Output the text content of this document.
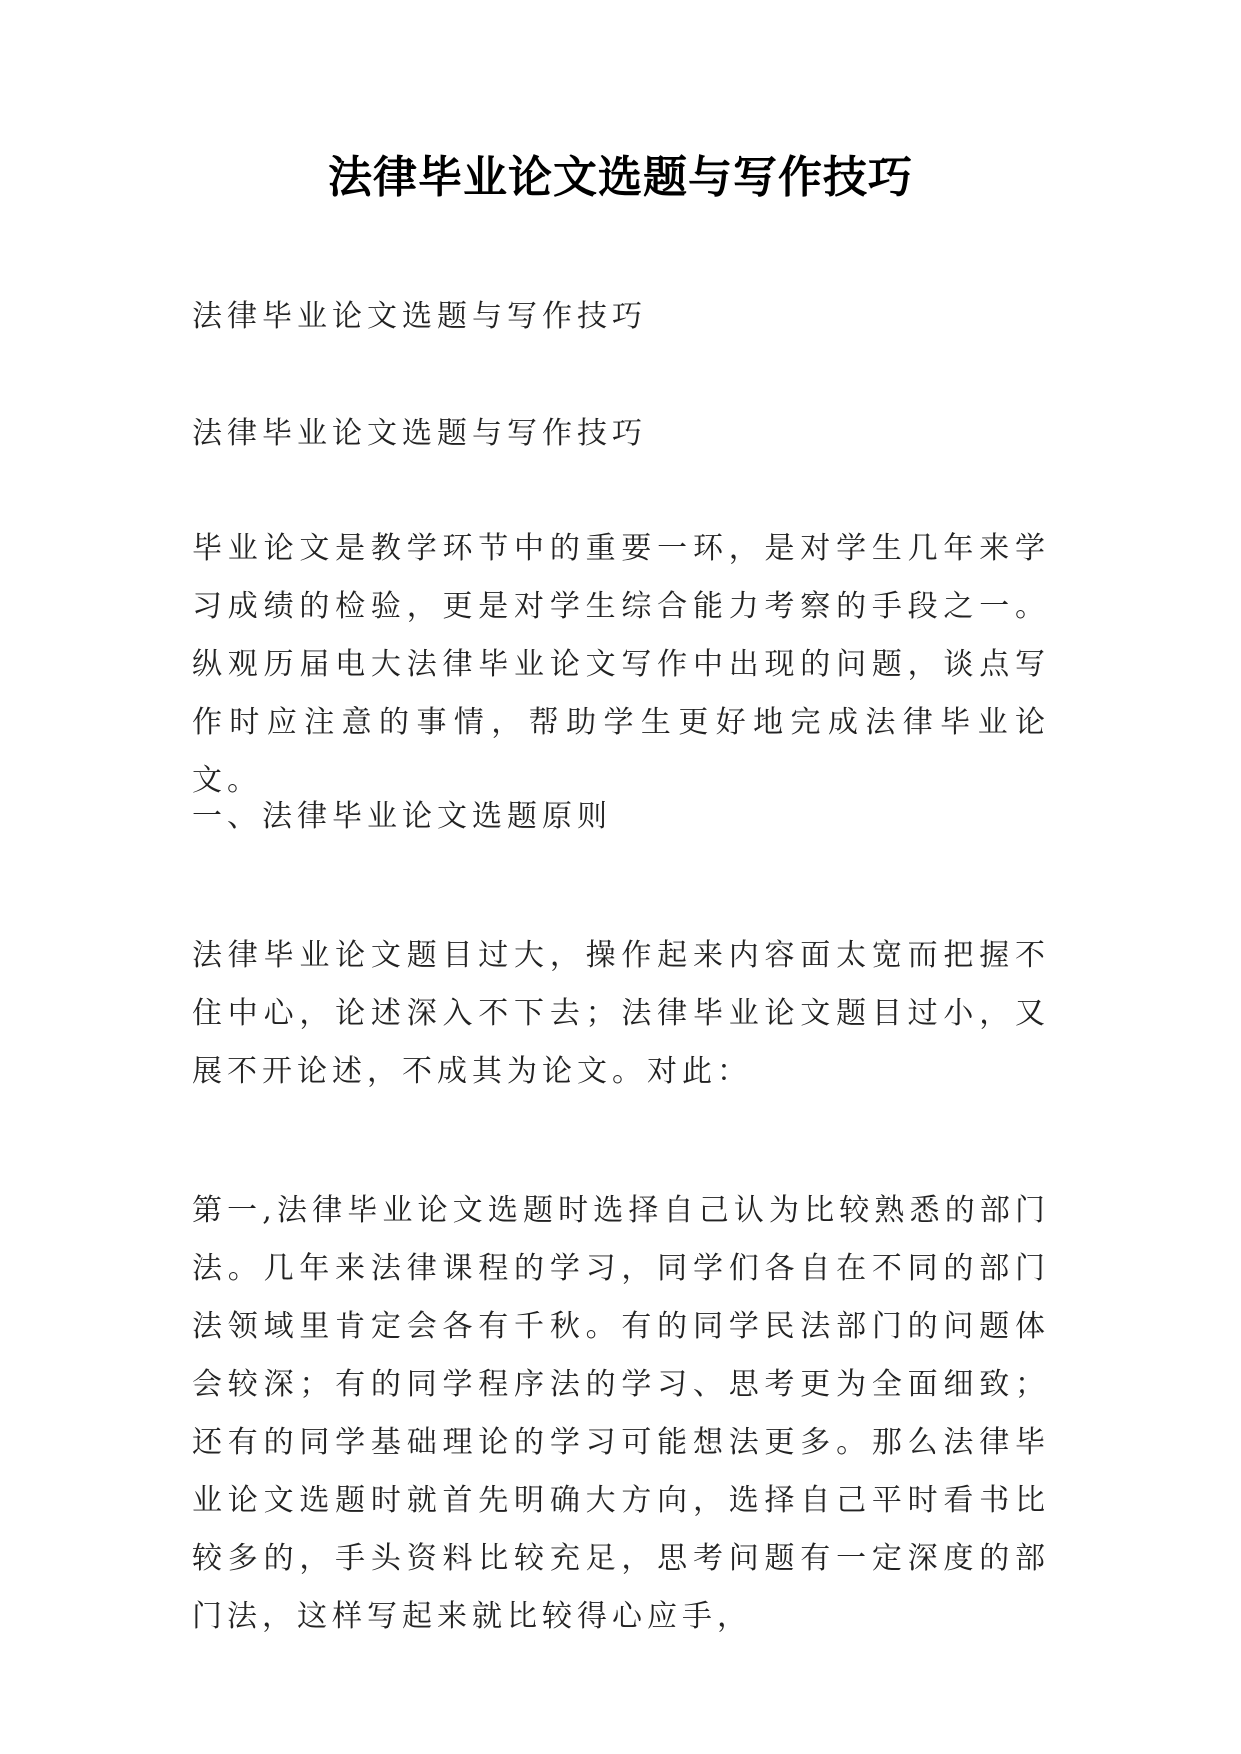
法律毕业论文选题与写作技巧
法律毕业论文选题与写作技巧
法律毕业论文选题与写作技巧
毕业论文是教学环节中的重要一环，是对学生几年来学习成绩的检验，更是对学生综合能力考察的手段之一。纵观历届电大法律毕业论文写作中出现的问题，谈点写作时应注意的事情，帮助学生更好地完成法律毕业论文。
一、法律毕业论文选题原则
法律毕业论文题目过大，操作起来内容面太宽而把握不住中心，论述深入不下去；法律毕业论文题目过小，又展不开论述，不成其为论文。对此：
第一,法律毕业论文选题时选择自己认为比较熟悉的部门法。几年来法律课程的学习，同学们各自在不同的部门法领域里肯定会各有千秋。有的同学民法部门的问题体会较深；有的同学程序法的学习、思考更为全面细致；还有的同学基础理论的学习可能想法更多。那么法律毕业论文选题时就首先明确大方向，选择自己平时看书比较多的，手头资料比较充足，思考问题有一定深度的部门法，这样写起来就比较得心应手，
